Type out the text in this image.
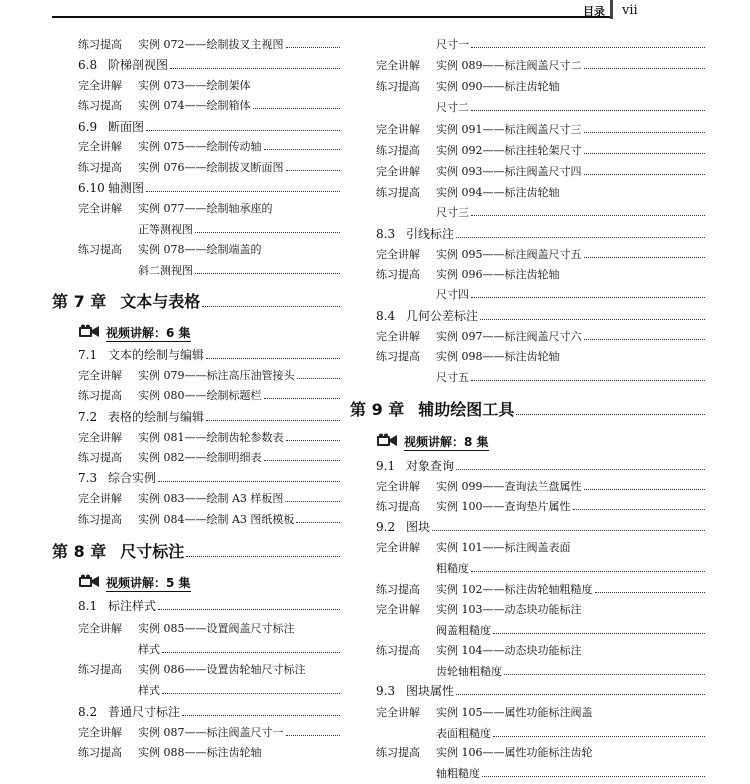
目录 vii
练习提高	实例 072——绘制拔叉主视图
6.8 阶梯剖视图
完全讲解	实例 073——绘制架体
练习提高	实例 074——绘制箱体
6.9 断面图
完全讲解	实例 075——绘制传动轴
练习提高	实例 076——绘制拔叉断面图
6.10 轴测图
完全讲解	实例 077——绘制轴承座的
正等测视图
练习提高	实例 078——绘制端盖的
斜二测视图
第 7 章 文本与表格
视频讲解：6 集
7.1 文本的绘制与编辑
完全讲解	实例 079——标注高压油管接头
练习提高	实例 080——绘制标题栏
7.2 表格的绘制与编辑
完全讲解	实例 081——绘制齿轮参数表
练习提高	实例 082——绘制明细表
7.3 综合实例
完全讲解	实例 083——绘制 A3 样板图
练习提高	实例 084——绘制 A3 图纸模板
第 8 章 尺寸标注
视频讲解：5 集
8.1 标注样式
完全讲解	实例 085——设置阀盖尺寸标注
样式
练习提高	实例 086——设置齿轮轴尺寸标注
样式
8.2 普通尺寸标注
完全讲解	实例 087——标注阀盖尺寸一
练习提高	实例 088——标注齿轮轴
尺寸一
完全讲解	实例 089——标注阀盖尺寸二
练习提高	实例 090——标注齿轮轴
尺寸二
完全讲解	实例 091——标注阀盖尺寸三
练习提高	实例 092——标注挂轮架尺寸
完全讲解	实例 093——标注阀盖尺寸四
练习提高	实例 094——标注齿轮轴
尺寸三
8.3 引线标注
完全讲解	实例 095——标注阀盖尺寸五
练习提高	实例 096——标注齿轮轴
尺寸四
8.4 几何公差标注
完全讲解	实例 097——标注阀盖尺寸六
练习提高	实例 098——标注齿轮轴
尺寸五
第 9 章 辅助绘图工具
视频讲解：8 集
9.1 对象查询
完全讲解	实例 099——查询法兰盘属性
练习提高	实例 100——查询垫片属性
9.2 图块
完全讲解	实例 101——标注阀盖表面
粗糙度
练习提高	实例 102——标注齿轮轴粗糙度
完全讲解	实例 103——动态块功能标注
阀盖粗糙度
练习提高	实例 104——动态块功能标注
齿轮轴粗糙度
9.3 图块属性
完全讲解	实例 105——属性功能标注阀盖
表面粗糙度
练习提高	实例 106——属性功能标注齿轮
轴粗糙度
